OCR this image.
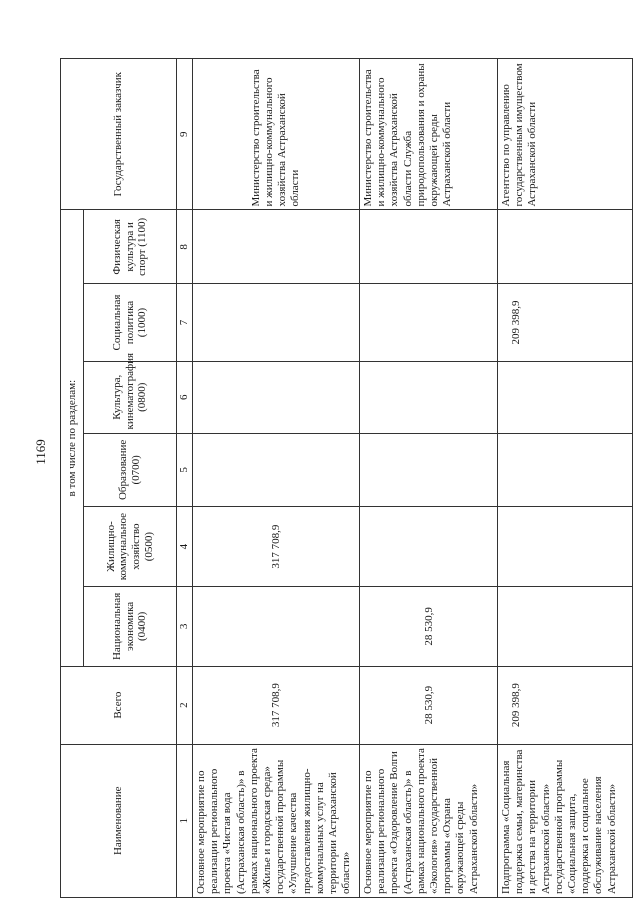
1169
Наименование	Всего	в том числе по разделам:						Государственный заказчик
		Национальная экономика (0400)	Жилищно-коммунальное хозяйство (0500)	Образование (0700)	Культура, кинематография (0800)	Социальная политика (1000)	Физическая культура и спорт (1100)	
1	2	3	4	5	6	7	8	9
Основное мероприятие по реализации регионального проекта «Чистая вода (Астраханская область)» в рамках национального проекта «Жилье и городская среда» государственной программы «Улучшение качества предоставления жилищно-коммунальных услуг на территории Астраханской области»	317 708,9		317 708,9					Министерство строительства и жилищно-коммунального хозяйства Астраханской области
Основное мероприятие по реализации регионального проекта «Оздоровление Волги (Астраханская область)» в рамках национального проекта «Экология» государственной программы «Охрана окружающей среды Астраханской области»	28 530,9	28 530,9						Министерство строительства и жилищно-коммунального хозяйства Астраханской области Служба природопользования и охраны окружающей среды Астраханской области
Подпрограмма «Социальная поддержка семьи, материнства и детства на территории Астраханской области» государственной программы «Социальная защита, поддержка и социальное обслуживание населения Астраханской области»	209 398,9					209 398,9		Агентство по управлению государственным имуществом Астраханской области
